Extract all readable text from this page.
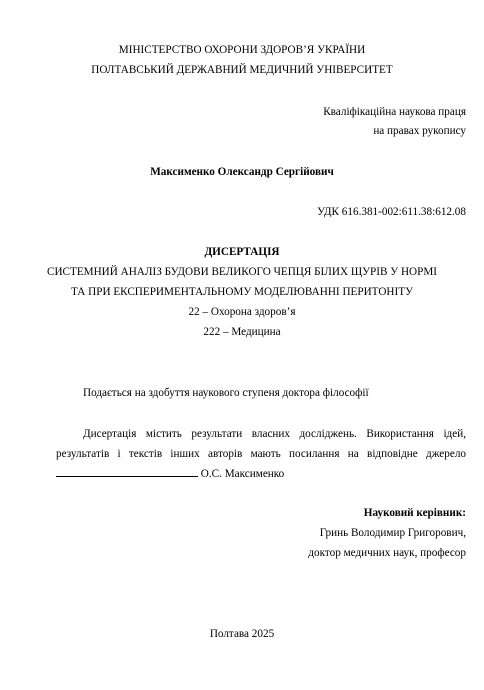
МІНІСТЕРСТВО ОХОРОНИ ЗДОРОВ’Я УКРАЇНИ
ПОЛТАВСЬКИЙ ДЕРЖАВНИЙ МЕДИЧНИЙ УНІВЕРСИТЕТ
Кваліфікаційна наукова праця
на правах рукопису
Максименко Олександр Сергійович
УДК 616.381-002:611.38:612.08
ДИСЕРТАЦІЯ
СИСТЕМНИЙ АНАЛІЗ БУДОВИ ВЕЛИКОГО ЧЕПЦЯ БІЛИХ ЩУРІВ У НОРМІ
ТА ПРИ ЕКСПЕРИМЕНТАЛЬНОМУ МОДЕЛЮВАННІ ПЕРИТОНІТУ
22 – Охорона здоров’я
222 – Медицина
Подається на здобуття наукового ступеня доктора філософії
Дисертація містить результати власних досліджень. Використання ідей,
результатів і текстів інших авторів мають посилання на відповідне джерело
О.С. Максименко
Науковий керівник:
Гринь Володимир Григорович,
доктор медичних наук, професор
Полтава 2025
